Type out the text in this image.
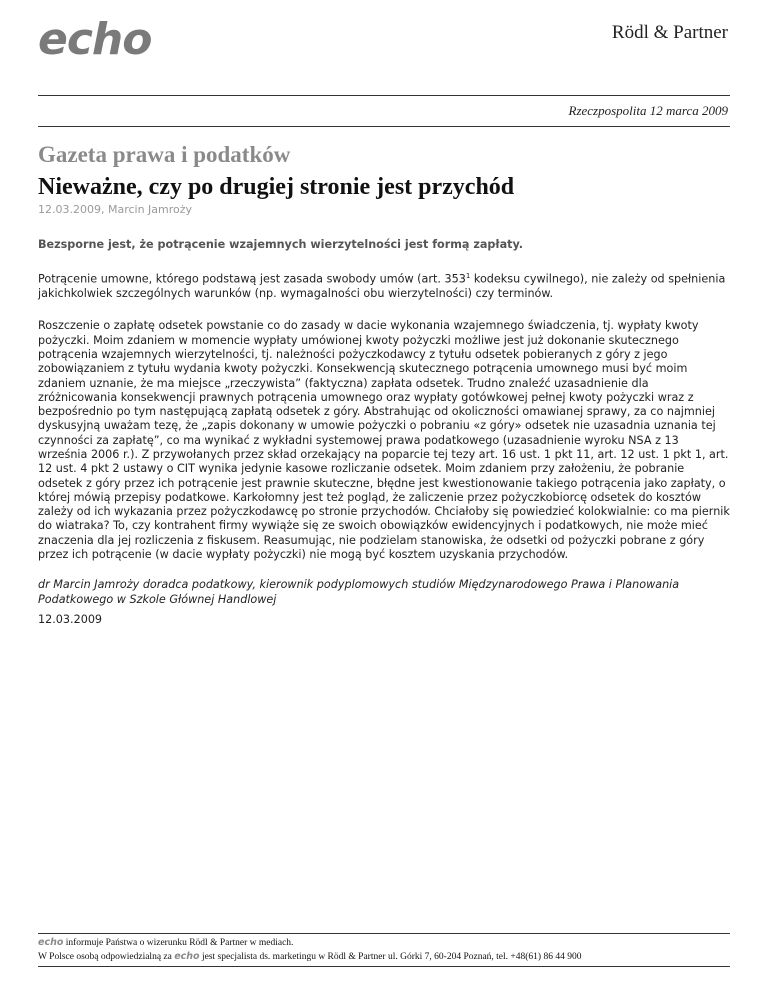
echo	Rödl & Partner
Rzeczpospolita 12 marca 2009
Gazeta prawa i podatków
Nieważne, czy po drugiej stronie jest przychód

12.03.2009, Marcin Jamroży

Bezsporne jest, że potrącenie wzajemnych wierzytelności jest formą zapłaty.

Potrącenie umowne, którego podstawą jest zasada swobody umów (art. $353^1$ kodeksu cywilnego), nie zależy od spełnienia jakichkolwiek szczególnych warunków (np. wymagalności obu wierzytelności) czy terminów.

Roszczenie o zapłatę odsetek powstanie co do zasady w dacie wykonania wzajemnego świadczenia, tj. wypłaty kwoty pożyczki. Moim zdaniem w momencie wypłaty umówionej kwoty pożyczki możliwe jest już dokonanie skutecznego potrącenia wzajemnych wierzytelności, tj. należności pożyczkodawcy z tytułu odsetek pobieranych z góry z jego zobowiązaniem z tytułu wydania kwoty pożyczki. Konsekwencją skutecznego potrącenia umownego musi być moim zdaniem uznanie, że ma miejsce „rzeczywista” (faktyczna) zapłata odsetek. Trudno znaleźć uzasadnienie dla zróżnicowania konsekwencji prawnych potrącenia umownego oraz wypłaty gotówkowej pełnej kwoty pożyczki wraz z bezpośrednio po tym następującą zapłatą odsetek z góry. Abstrahując od okoliczności omawianej sprawy, za co najmniej dyskusyjną uważam tezę, że „zapis dokonany w umowie pożyczki o pobraniu «z góry» odsetek nie uzasadnia uznania tej czynności za zapłatę”, co ma wynikać z wykładni systemowej prawa podatkowego (uzasadnienie wyroku NSA z 13 września 2006 r.). Z przywołanych przez skład orzekający na poparcie tej tezy art. 16 ust. 1 pkt 11, art. 12 ust. 1 pkt 1, art. 12 ust. 4 pkt 2 ustawy o CIT wynika jedynie kasowe rozliczanie odsetek. Moim zdaniem przy założeniu, że pobranie odsetek z góry przez ich potrącenie jest prawnie skuteczne, błędne jest kwestionowanie takiego potrącenia jako zapłaty, o której mówią przepisy podatkowe. Karkołomny jest też pogląd, że zaliczenie przez pożyczkobiorcę odsetek do kosztów zależy od ich wykazania przez pożyczkodawcę po stronie przychodów. Chciałoby się powiedzieć kolokwialnie: co ma piernik do wiatraka? To, czy kontrahent firmy wywiąże się ze swoich obowiązków ewidencyjnych i podatkowych, nie może mieć znaczenia dla jej rozliczenia z fiskusem. Reasumując, nie podzielam stanowiska, że odsetki od pożyczki pobrane z góry przez ich potrącenie (w dacie wypłaty pożyczki) nie mogą być kosztem uzyskania przychodów.

dr Marcin Jamroży doradca podatkowy, kierownik podyplomowych studiów Międzynarodowego Prawa i Planowania Podatkowego w Szkole Głównej Handlowej

12.03.2009

echo informuje Państwa o wizerunku Rödl & Partner w mediach.
W Polsce osobą odpowiedzialną za echo jest specjalista ds. marketingu w Rödl & Partner ul. Górki 7, 60-204 Poznań, tel. +48(61) 86 44 900
